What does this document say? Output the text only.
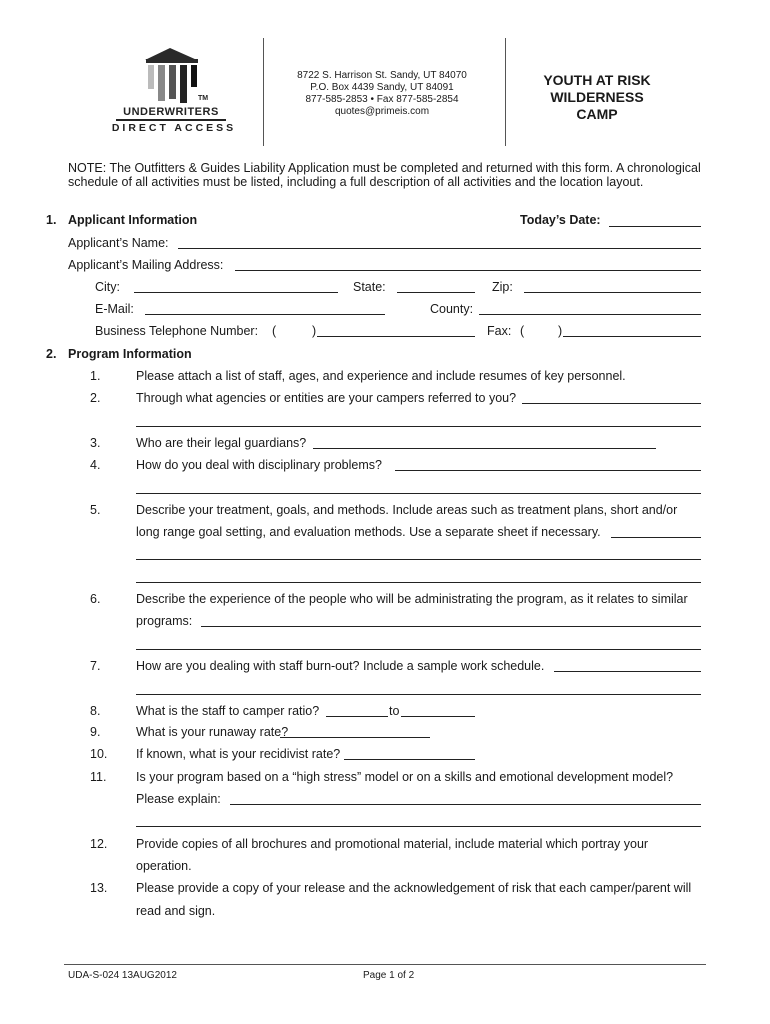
TM
UNDERWRITERS
DIRECT ACCESS
8722 S. Harrison St. Sandy, UT 84070
P.O. Box 4439 Sandy, UT 84091
877-585-2853 • Fax 877-585-2854
quotes@primeis.com
YOUTH AT RISK
WILDERNESS
CAMP
NOTE: The Outfitters & Guides Liability Application must be completed and returned with this form. A chronological schedule of all activities must be listed, including a full description of all activities and the location layout.
1. Applicant Information	Today’s Date:
Applicant’s Name:
Applicant’s Mailing Address:
City:	State:	Zip:
E-Mail:	County:
Business Telephone Number: (	)	Fax: (	)
2. Program Information
1.	Please attach a list of staff, ages, and experience and include resumes of key personnel.
2.	Through what agencies or entities are your campers referred to you?
3.	Who are their legal guardians?
4.	How do you deal with disciplinary problems?
5.	Describe your treatment, goals, and methods. Include areas such as treatment plans, short and/or
long range goal setting, and evaluation methods. Use a separate sheet if necessary.
6.	Describe the experience of the people who will be administrating the program, as it relates to similar
programs:
7.	How are you dealing with staff burn-out? Include a sample work schedule.
8.	What is the staff to camper ratio?	to
9.	What is your runaway rate?
10. If known, what is your recidivist rate?
11. Is your program based on a “high stress” model or on a skills and emotional development model?
Please explain:
12. Provide copies of all brochures and promotional material, include material which portray your
operation.
13. Please provide a copy of your release and the acknowledgement of risk that each camper/parent will
read and sign.
UDA-S-024 13AUG2012	Page 1 of 2
